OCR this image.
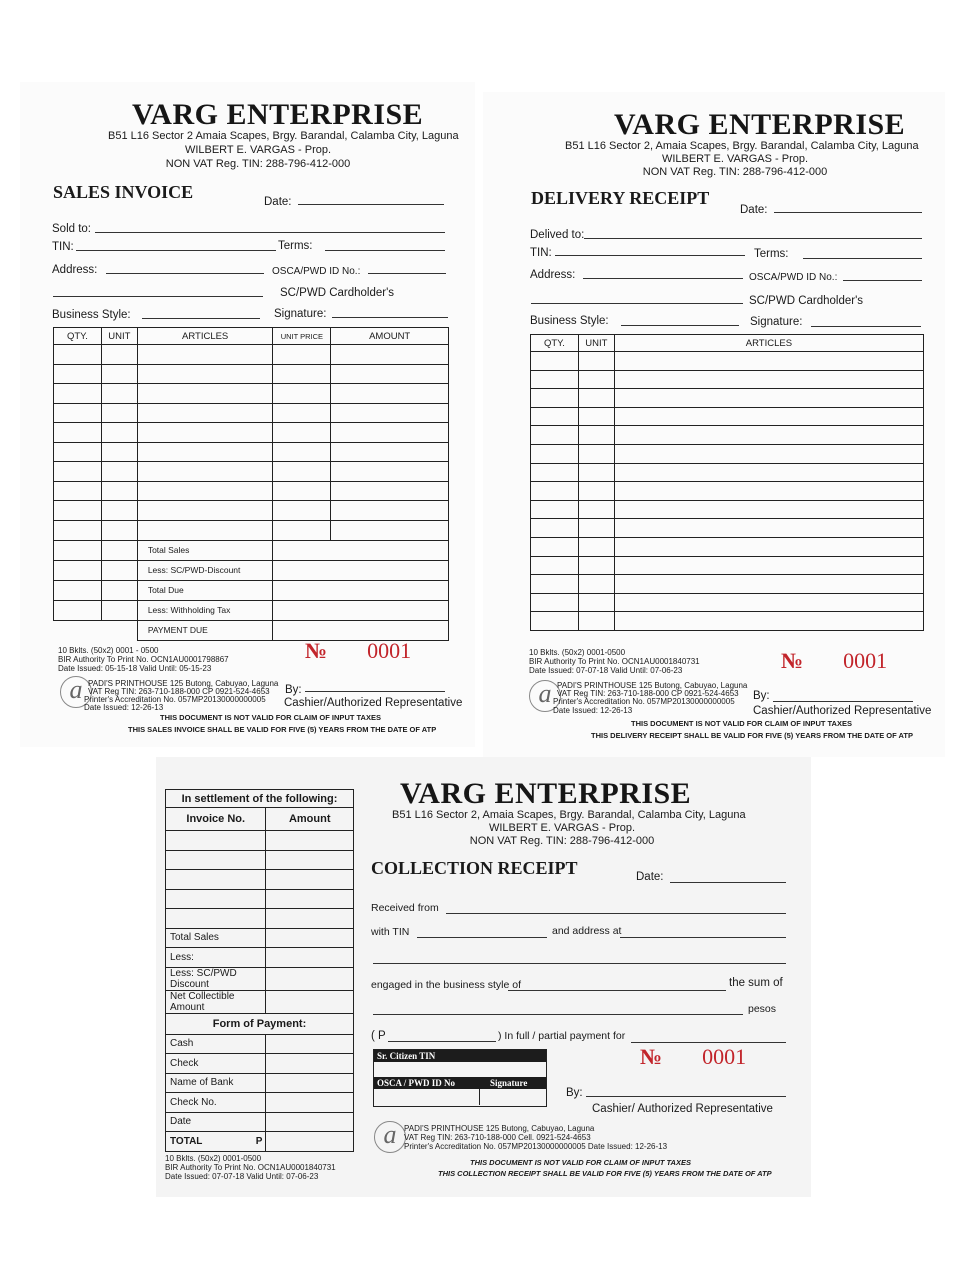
VARG ENTERPRISE
B51 L16 Sector 2 Amaia Scapes, Brgy. Barandal, Calamba City, Laguna
WILBERT E. VARGAS - Prop.
NON VAT Reg. TIN: 288-796-412-000
SALES INVOICE	Date:
Sold to:
TIN:	Terms:
Address:	OSCA/PWD ID No.:
SC/PWD Cardholder's
Business Style:	Signature:
QTY.	UNIT	ARTICLES	UNIT PRICE	AMOUNT

		Total Sales		
		Less: SC/PWD-Discount		
		Total Due		
		Less: Withholding Tax		
		PAYMENT DUE		
10 Bklts. (50x2) 0001 - 0500
BIR Authority To Print No. OCN1AU0001798867
Date Issued: 05-15-18 Valid Until: 05-15-23
№ 0001
a PADI'S PRINTHOUSE 125 Butong, Cabuyao, Laguna
VAT Reg TIN: 263-710-188-000 CP 0921-524-4653
Printer's Accreditation No. 057MP20130000000005
Date Issued: 12-26-13
By:
Cashier/Authorized Representative
THIS DOCUMENT IS NOT VALID FOR CLAIM OF INPUT TAXES
THIS SALES INVOICE SHALL BE VALID FOR FIVE (5) YEARS FROM THE DATE OF ATP
VARG ENTERPRISE
B51 L16 Sector 2, Amaia Scapes, Brgy. Barandal, Calamba City, Laguna
WILBERT E. VARGAS - Prop.
NON VAT Reg. TIN: 288-796-412-000
DELIVERY RECEIPT
Date:
Delived to:
TIN:	Terms:
Address:	OSCA/PWD ID No.:
SC/PWD Cardholder's
Business Style:	Signature:
QTY.	UNIT	ARTICLES

10 Bklts. (50x2) 0001-0500
BIR Authority To Print No. OCN1AU0001840731
Date Issued: 07-07-18 Valid Until: 07-06-23	№ 0001
a PADI'S PRINTHOUSE 125 Butong, Cabuyao, Laguna
VAT Reg TIN: 263-710-188-000 CP 0921-524-4653
Printer's Accreditation No. 057MP20130000000005
Date Issued: 12-26-13
By:
Cashier/Authorized Representative
THIS DOCUMENT IS NOT VALID FOR CLAIM OF INPUT TAXES
THIS DELIVERY RECEIPT SHALL BE VALID FOR FIVE (5) YEARS FROM THE DATE OF ATP
In settlement of the following:	
Invoice No.	Amount

Total Sales	
Less:	
Less: SC/PWD Discount	
Net Collectible Amount	
Form of Payment:	
Cash	
Check	
Name of Bank	
Check No.	
Date	
TOTAL P	

10 Bklts. (50x2) 0001-0500
BIR Authority To Print No. OCN1AU0001840731
Date Issued: 07-07-18 Valid Until: 07-06-23
VARG ENTERPRISE
B51 L16 Sector 2, Amaia Scapes, Brgy. Barandal, Calamba City, Laguna
WILBERT E. VARGAS - Prop.
NON VAT Reg. TIN: 288-796-412-000
COLLECTION RECEIPT	Date:
Received from
with TIN	and address at
engaged in the business style of	the sum of
pesos
( P	) In full / partial payment for
Sr. Citizen TIN
OSCA / PWD ID No	Signature
№ 0001
By:
Cashier/ Authorized Representative
a PADI'S PRINTHOUSE 125 Butong, Cabuyao, Laguna
VAT Reg TIN: 263-710-188-000 Cell. 0921-524-4653
Printer's Accreditation No. 057MP20130000000005 Date Issued: 12-26-13
THIS DOCUMENT IS NOT VALID FOR CLAIM OF INPUT TAXES
THIS COLLECTION RECEIPT SHALL BE VALID FOR FIVE (5) YEARS FROM THE DATE OF ATP
